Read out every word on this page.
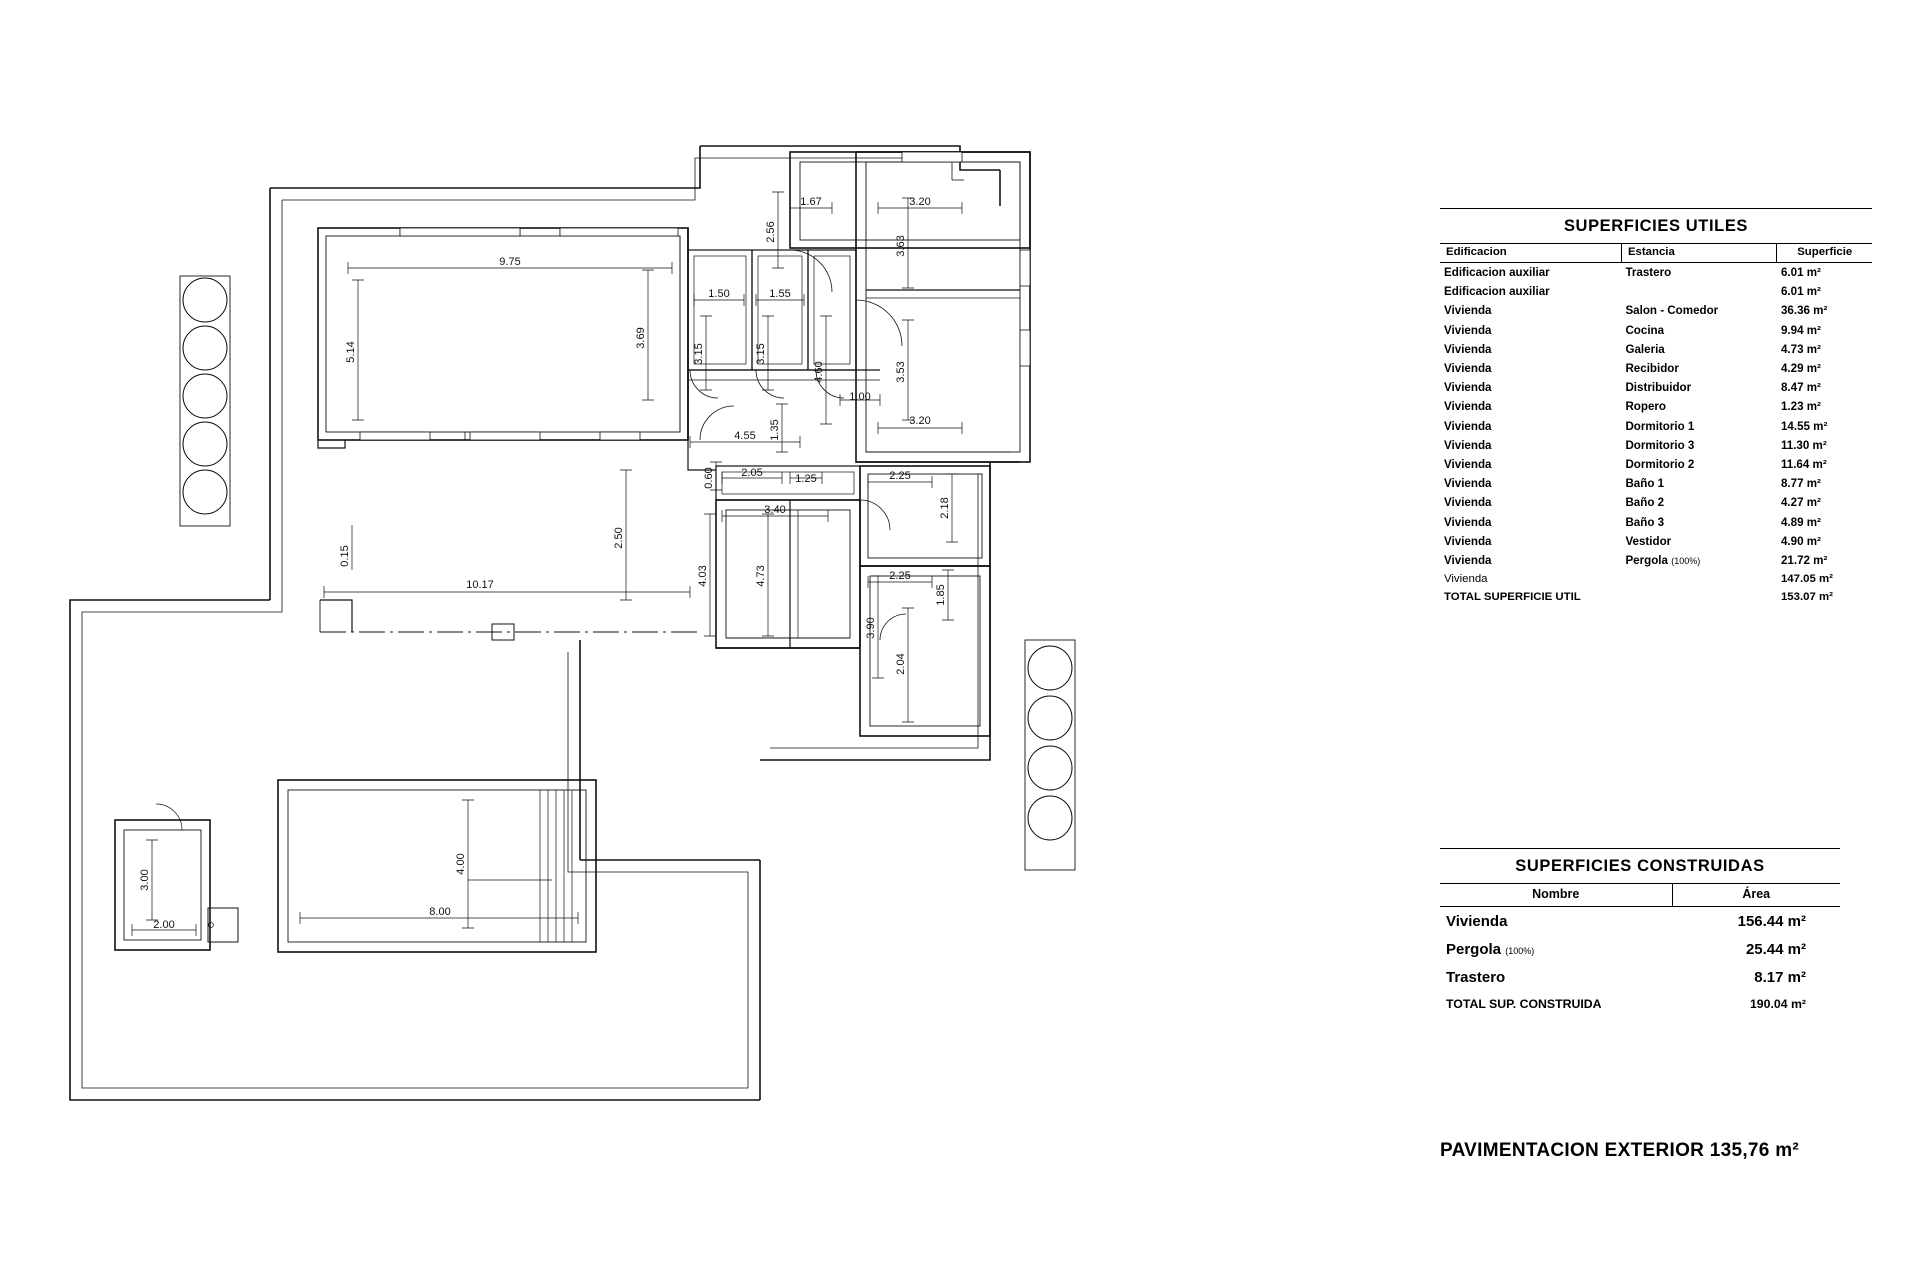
9.75
5.14
3.69
10.17
2.50
0.15
1.67
2.56
3.20
3.63
1.50	1.55
3.15	3.15
4.60
1.00
3.53
3.20
4.55 1.35
0.60 2.05	1.25	2.25
2.18
3.40
4.03	4.73	2.25
1.85
3.90
2.04
8.00
4.00
3.00
2.00
SUPERFICIES UTILES
Edificacion	Estancia	Superficie
Edificacion auxiliar	Trastero	6.01 m²
Edificacion auxiliar		6.01 m²
Vivienda	Salon - Comedor	36.36 m²
Vivienda	Cocina	9.94 m²
Vivienda	Galeria	4.73 m²
Vivienda	Recibidor	4.29 m²
Vivienda	Distribuidor	8.47 m²
Vivienda	Ropero	1.23 m²
Vivienda	Dormitorio 1	14.55 m²
Vivienda	Dormitorio 3	11.30 m²
Vivienda	Dormitorio 2	11.64 m²
Vivienda	Baño 1	8.77 m²
Vivienda	Baño 2	4.27 m²
Vivienda	Baño 3	4.89 m²
Vivienda	Vestidor	4.90 m²
Vivienda	Pergola (100%)	21.72 m²
Vivienda		147.05 m²
TOTAL SUPERFICIE UTIL		153.07 m²
SUPERFICIES CONSTRUIDAS
Nombre	Área
Vivienda	156.44 m²
Pergola (100%)	25.44 m²
Trastero	8.17 m²
TOTAL SUP. CONSTRUIDA	190.04 m²
PAVIMENTACION EXTERIOR 135,76 m²
